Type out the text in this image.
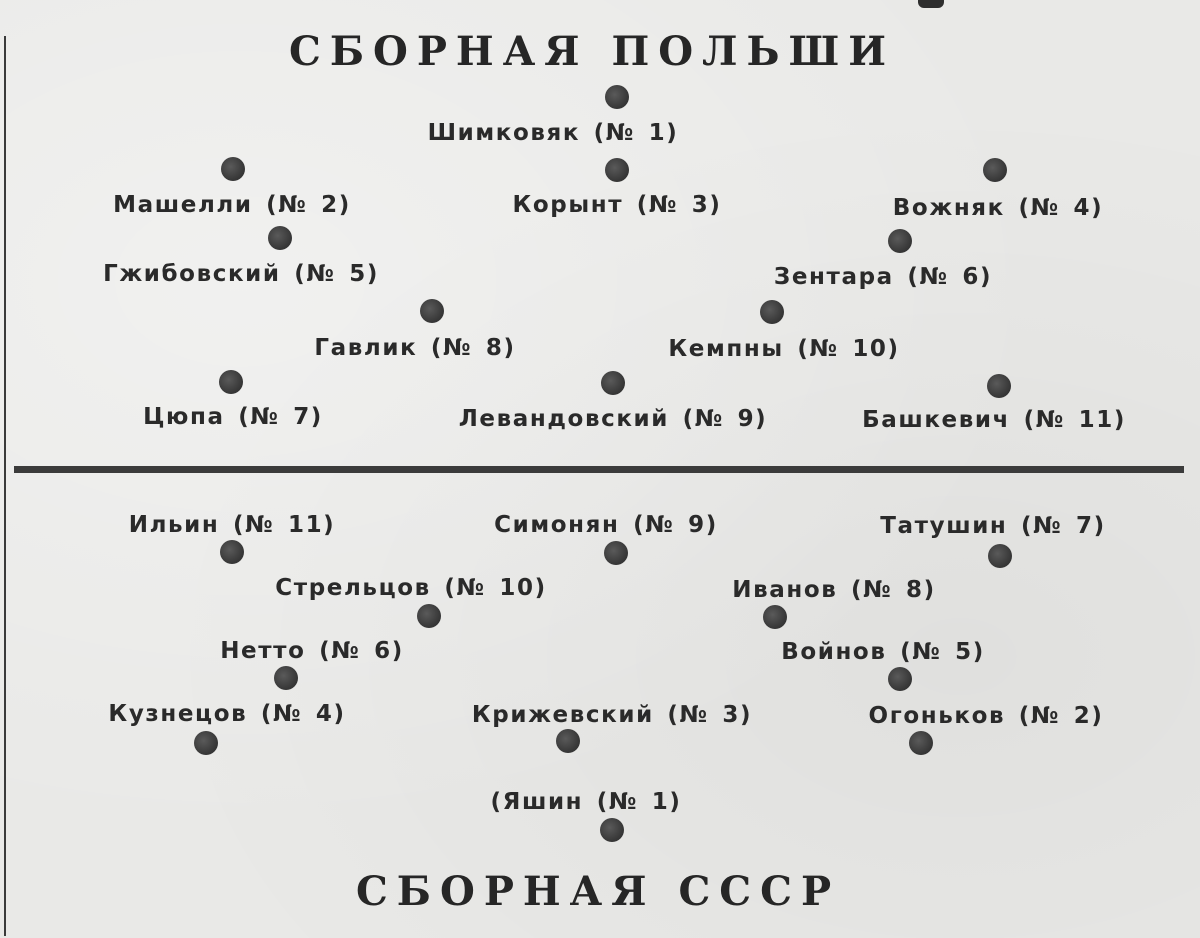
СБОРНАЯ ПОЛЬШИ
Шимковяк (№ 1)
Машелли (№ 2)	Корынт (№ 3)	Вожняк (№ 4)
Гжибовский (№ 5)	Зентара (№ 6)
Гавлик (№ 8)	Кемпны (№ 10)
Цюпа (№ 7)	Левандовский (№ 9)	Башкевич (№ 11)
Ильин (№ 11)	Симонян (№ 9)	Татушин (№ 7)
Стрельцов (№ 10)	Иванов (№ 8)
Нетто (№ 6)	Войнов (№ 5)
Кузнецов (№ 4)	Крижевский (№ 3)	Огоньков (№ 2)
(Яшин (№ 1)
СБОРНАЯ СССР
